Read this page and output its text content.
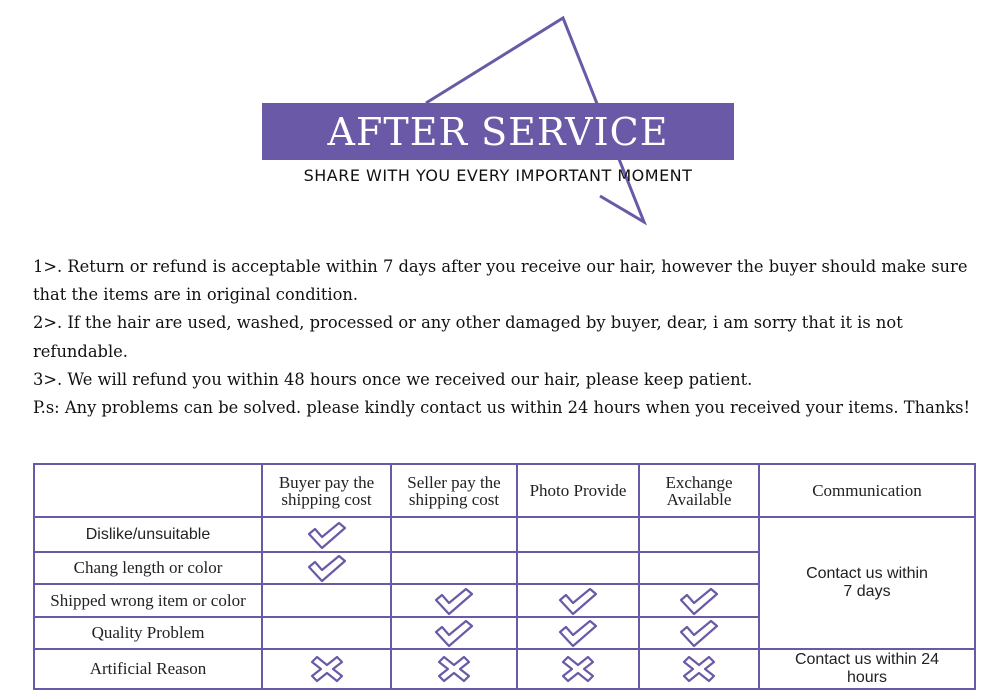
AFTER SERVICE
SHARE WITH YOU EVERY IMPORTANT MOMENT

1>. Return or refund is acceptable within 7 days after you receive our hair, however the buyer should make sure that the items are in original condition.

2>. If the hair are used, washed, processed or any other damaged by buyer, dear, i am sorry that it is not refundable.

3>. We will refund you within 48 hours once we received our hair, please keep patient.

P.s: Any problems can be solved. please kindly contact us within 24 hours when you received your items. Thanks!

	Buyer pay the shipping cost	Seller pay the shipping cost	Photo Provide	Exchange Available	Communication
Dislike/unsuitable					Contact us within 7 days
Chang length or color				
Shipped wrong item or color				
Quality Problem				
Artificial Reason					Contact us within 24 hours
